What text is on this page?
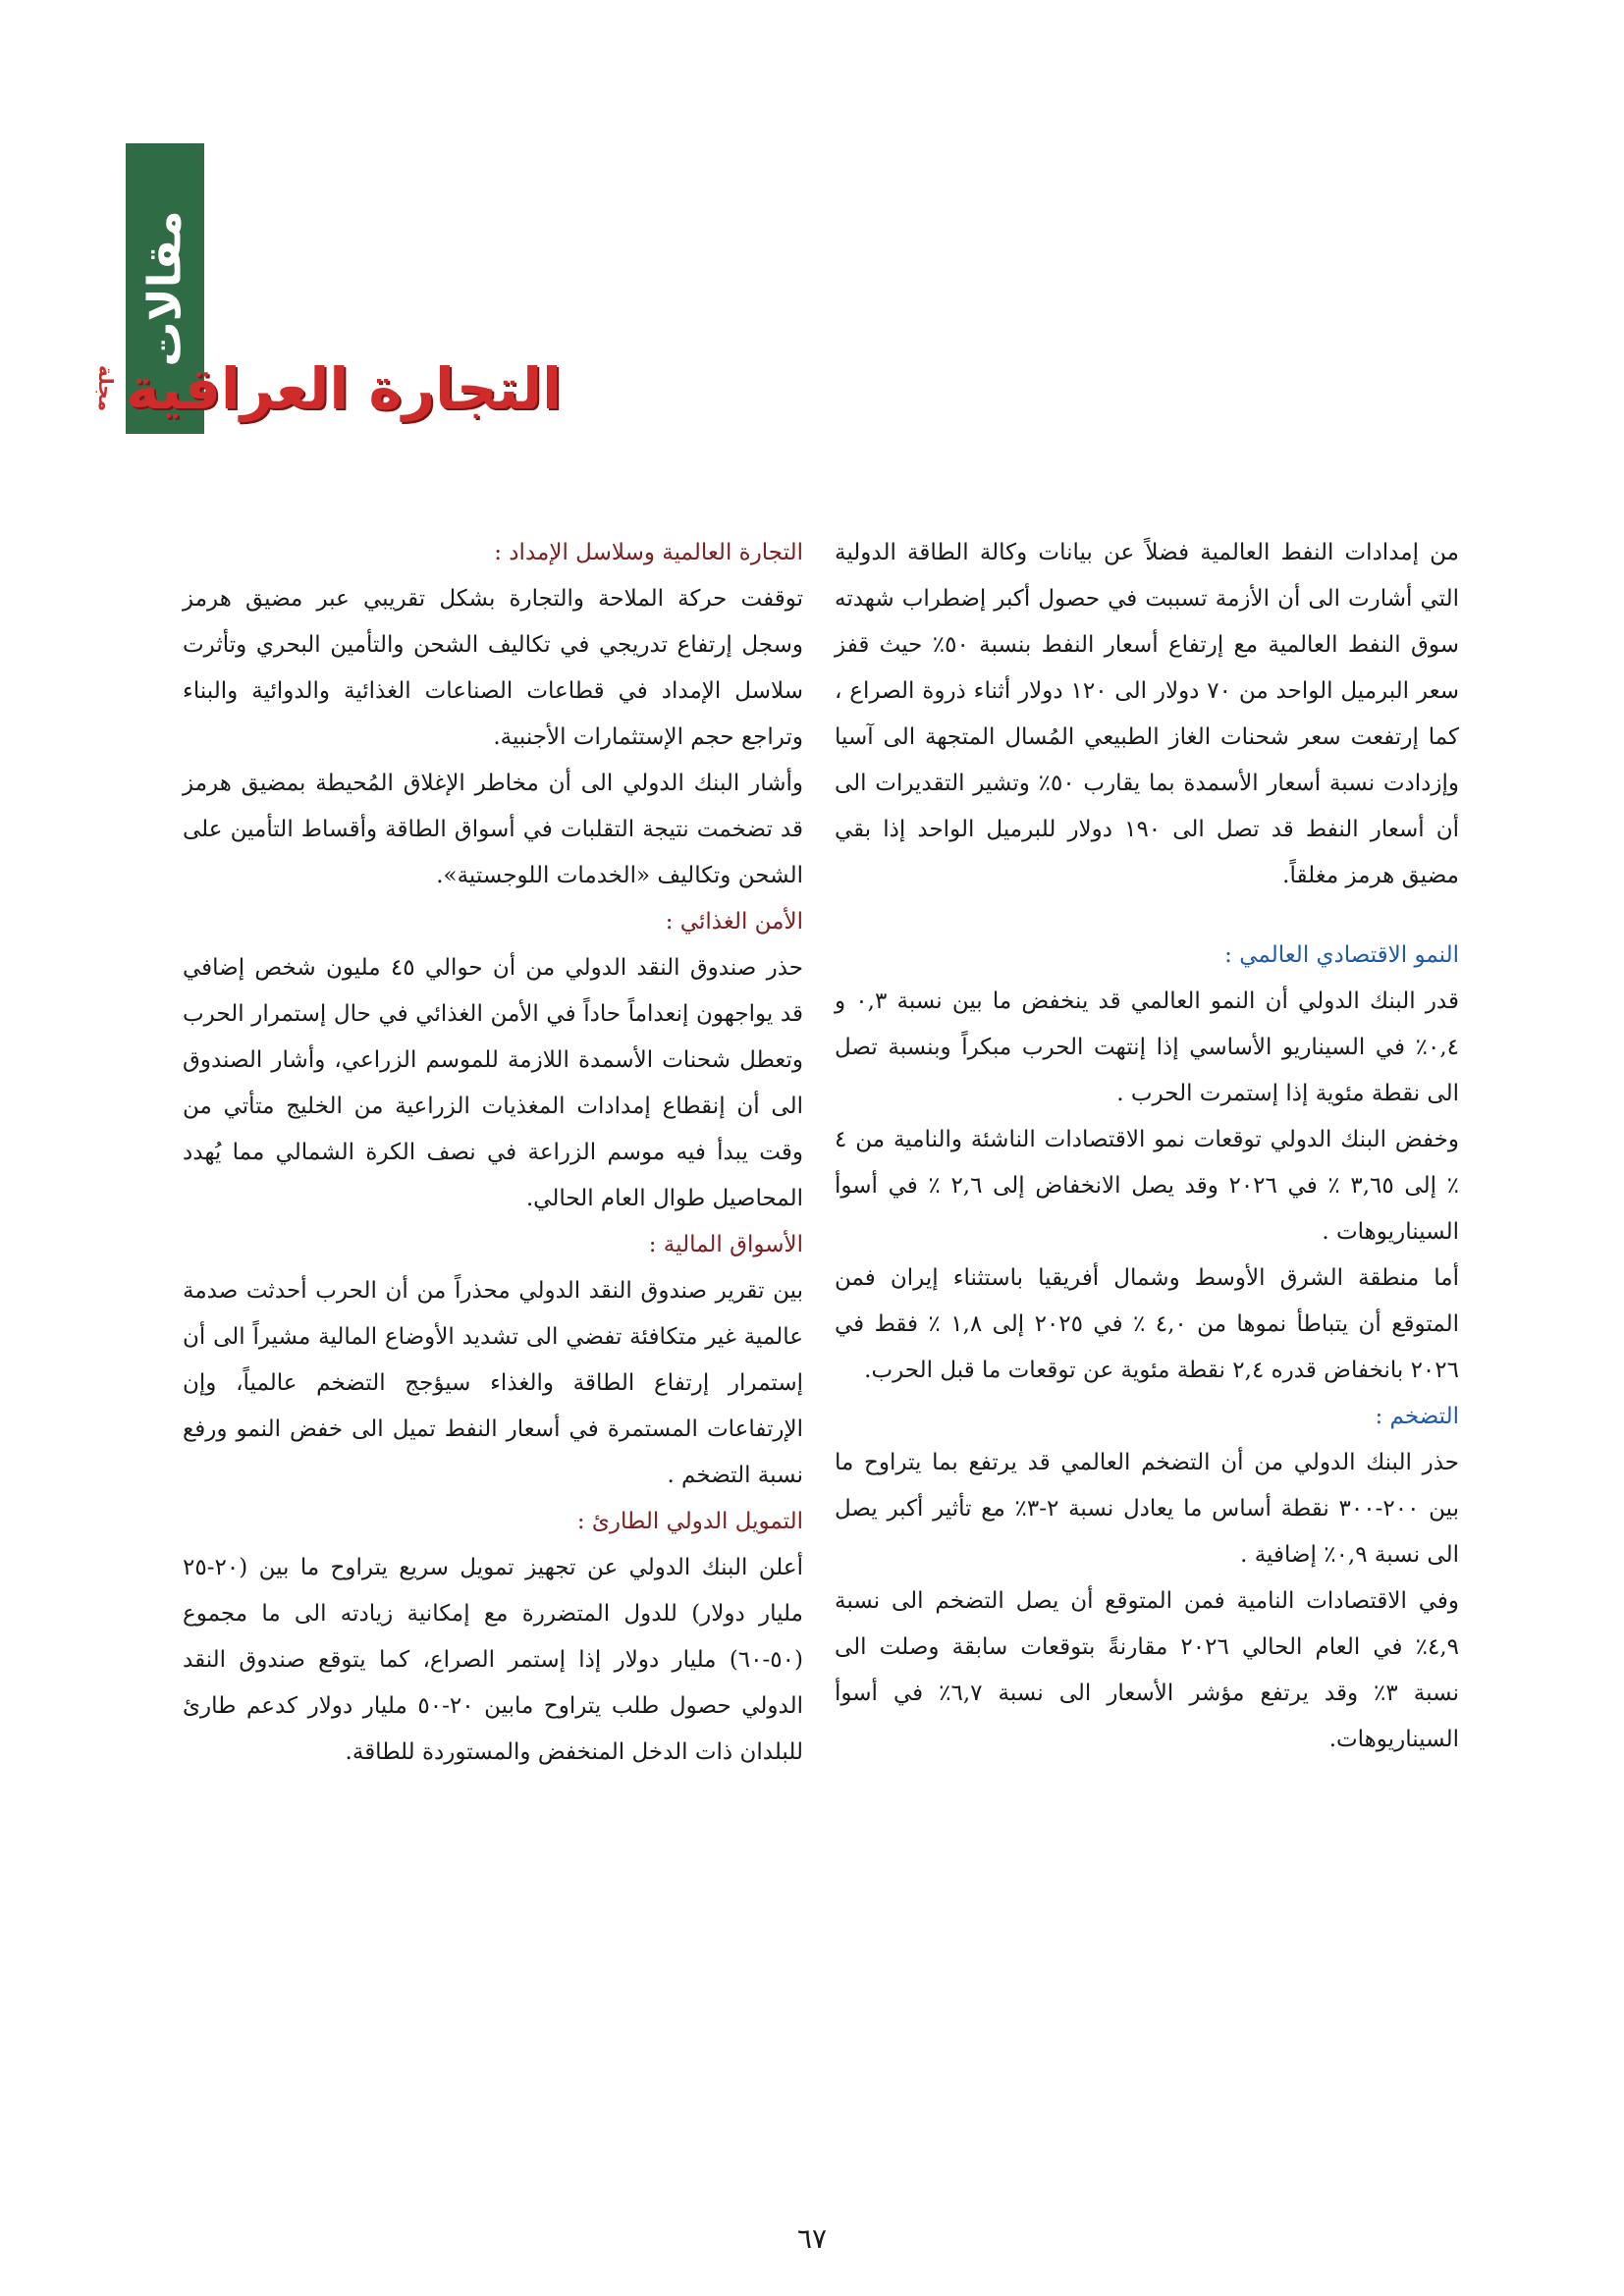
مقالات
التجارة العراقية
مجلة

من إمدادات النفط العالمية فضلاً عن بيانات وكالة الطاقة الدولية التي أشارت الى أن الأزمة تسببت في حصول أكبر إضطراب شهدته سوق النفط العالمية مع إرتفاع أسعار النفط بنسبة ٥٠٪ حيث قفز سعر البرميل الواحد من ٧٠ دولار الى ١٢٠ دولار أثناء ذروة الصراع ، كما إرتفعت سعر شحنات الغاز الطبيعي المُسال المتجهة الى آسيا وإزدادت نسبة أسعار الأسمدة بما يقارب ٥٠٪ وتشير التقديرات الى أن أسعار النفط قد تصل الى ١٩٠ دولار للبرميل الواحد إذا بقي مضيق هرمز مغلقاً.

النمو الاقتصادي العالمي :

قدر البنك الدولي أن النمو العالمي قد ينخفض ما بين نسبة ٠,٣ و ٠,٤٪ في السيناريو الأساسي إذا إنتهت الحرب مبكراً وبنسبة تصل الى نقطة مئوية إذا إستمرت الحرب .

وخفض البنك الدولي توقعات نمو الاقتصادات الناشئة والنامية من ٤ ٪ إلى ٣,٦٥ ٪ في ٢٠٢٦ وقد يصل الانخفاض إلى ٢,٦ ٪ في أسوأ السيناريوهات .

أما منطقة الشرق الأوسط وشمال أفريقيا باستثناء إيران فمن المتوقع أن يتباطأ نموها من ٤,٠ ٪ في ٢٠٢٥ إلى ١,٨ ٪ فقط في ٢٠٢٦ بانخفاض قدره ٢,٤ نقطة مئوية عن توقعات ما قبل الحرب.

التضخم :

حذر البنك الدولي من أن التضخم العالمي قد يرتفع بما يتراوح ما بين ٢٠٠-٣٠٠ نقطة أساس ما يعادل نسبة ٢-٣٪ مع تأثير أكبر يصل الى نسبة ٠,٩٪ إضافية .

وفي الاقتصادات النامية فمن المتوقع أن يصل التضخم الى نسبة ٤,٩٪ في العام الحالي ٢٠٢٦ مقارنةً بتوقعات سابقة وصلت الى نسبة ٣٪ وقد يرتفع مؤشر الأسعار الى نسبة ٦,٧٪ في أسوأ السيناريوهات.

التجارة العالمية وسلاسل الإمداد :

توقفت حركة الملاحة والتجارة بشكل تقريبي عبر مضيق هرمز وسجل إرتفاع تدريجي في تكاليف الشحن والتأمين البحري وتأثرت سلاسل الإمداد في قطاعات الصناعات الغذائية والدوائية والبناء وتراجع حجم الإستثمارات الأجنبية.

وأشار البنك الدولي الى أن مخاطر الإغلاق المُحيطة بمضيق هرمز قد تضخمت نتيجة التقلبات في أسواق الطاقة وأقساط التأمين على الشحن وتكاليف «الخدمات اللوجستية».

الأمن الغذائي :

حذر صندوق النقد الدولي من أن حوالي ٤٥ مليون شخص إضافي قد يواجهون إنعداماً حاداً في الأمن الغذائي في حال إستمرار الحرب وتعطل شحنات الأسمدة اللازمة للموسم الزراعي، وأشار الصندوق الى أن إنقطاع إمدادات المغذيات الزراعية من الخليج متأتي من وقت يبدأ فيه موسم الزراعة في نصف الكرة الشمالي مما يُهدد المحاصيل طوال العام الحالي.

الأسواق المالية :

بين تقرير صندوق النقد الدولي محذراً من أن الحرب أحدثت صدمة عالمية غير متكافئة تفضي الى تشديد الأوضاع المالية مشيراً الى أن إستمرار إرتفاع الطاقة والغذاء سيؤجج التضخم عالمياً، وإن الإرتفاعات المستمرة في أسعار النفط تميل الى خفض النمو ورفع نسبة التضخم .

التمويل الدولي الطارئ :

أعلن البنك الدولي عن تجهيز تمويل سريع يتراوح ما بين (٢٠-٢٥ مليار دولار) للدول المتضررة مع إمكانية زيادته الى ما مجموع (٥٠-٦٠) مليار دولار إذا إستمر الصراع، كما يتوقع صندوق النقد الدولي حصول طلب يتراوح مابين ٢٠-٥٠ مليار دولار كدعم طارئ للبلدان ذات الدخل المنخفض والمستوردة للطاقة.

٦٧
